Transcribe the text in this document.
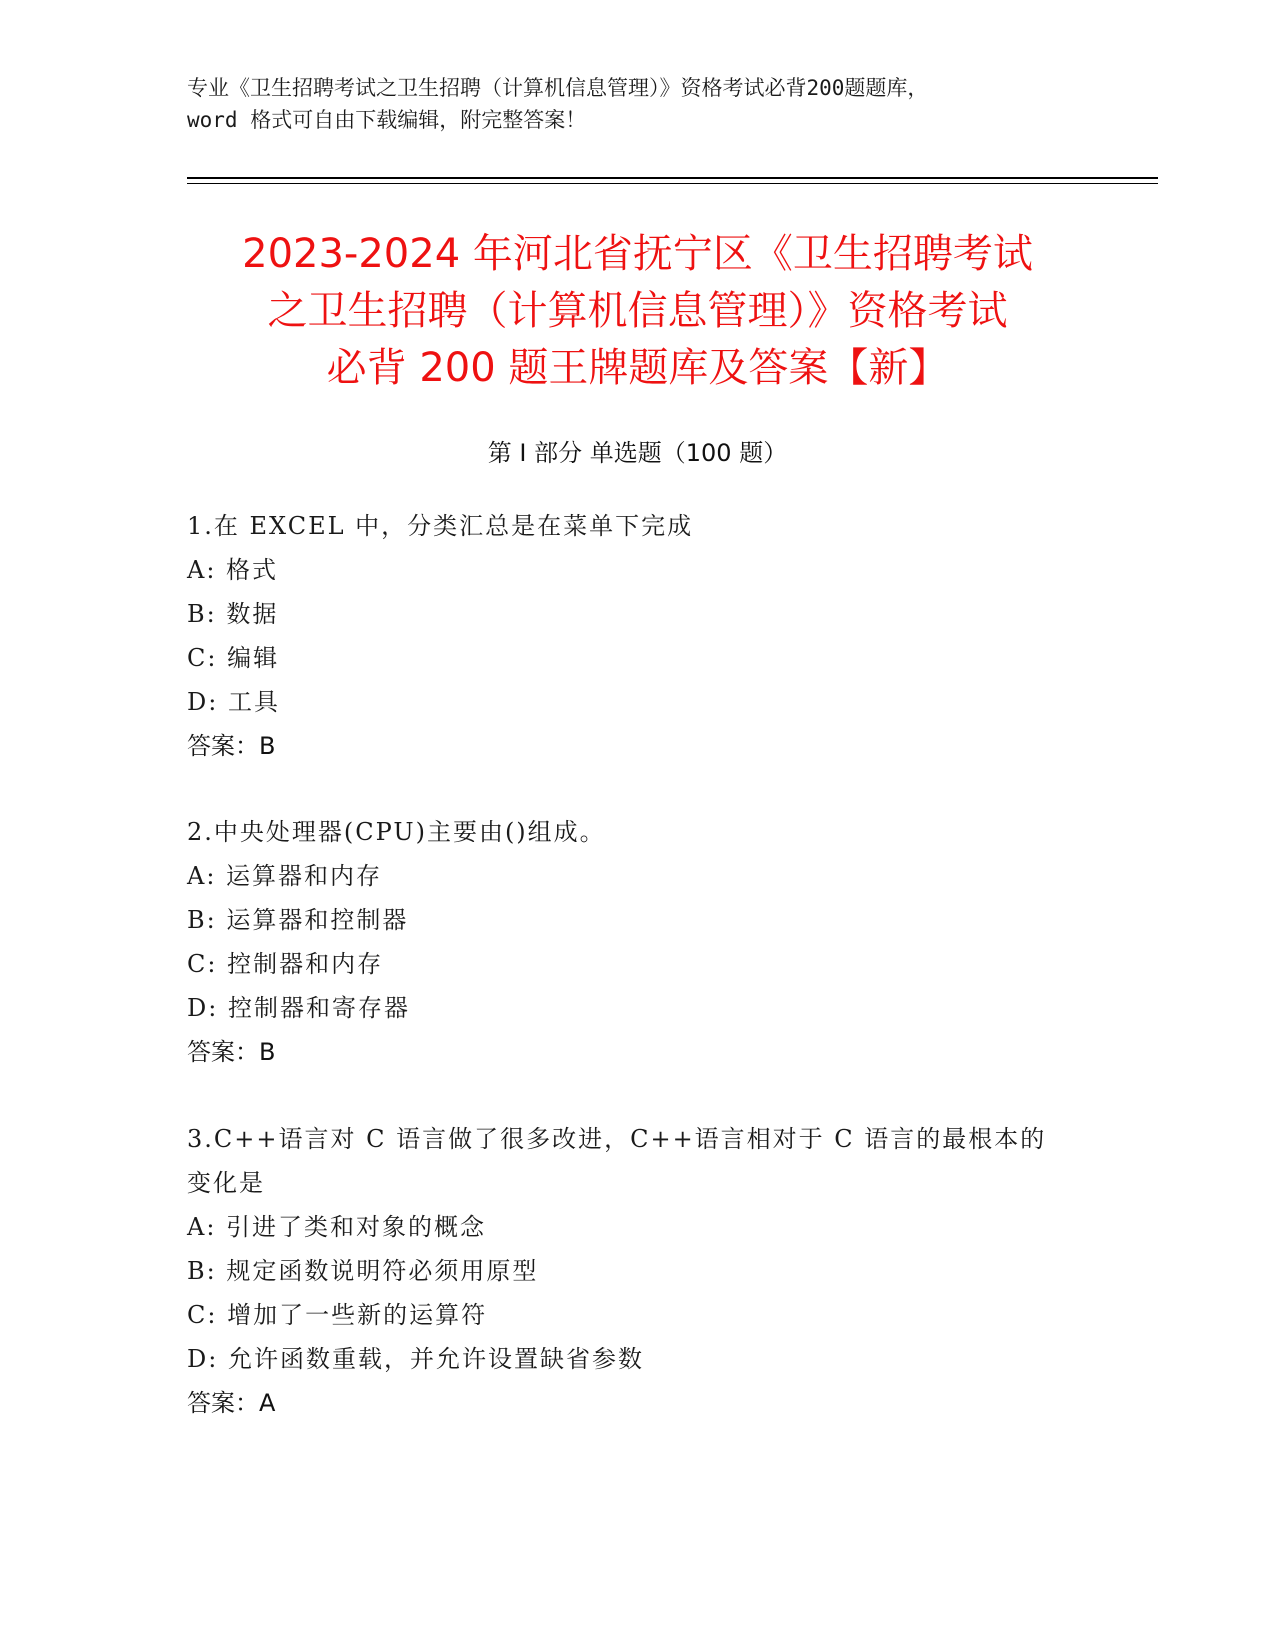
专业《卫生招聘考试之卫生招聘（计算机信息管理）》资格考试必背200题题库，
word 格式可自由下载编辑，附完整答案！
2023-2024 年河北省抚宁区《卫生招聘考试
之卫生招聘（计算机信息管理）》资格考试
必背 200 题王牌题库及答案【新】
第 I 部分 单选题（100 题）
1.在 EXCEL 中，分类汇总是在菜单下完成
A: 格式
B: 数据
C: 编辑
D: 工具
答案：B
2.中央处理器(CPU)主要由()组成。
A: 运算器和内存
B: 运算器和控制器
C: 控制器和内存
D: 控制器和寄存器
答案：B
3.C++语言对 C 语言做了很多改进，C++语言相对于 C 语言的最根本的
变化是
A: 引进了类和对象的概念
B: 规定函数说明符必须用原型
C: 增加了一些新的运算符
D: 允许函数重载，并允许设置缺省参数
答案：A
